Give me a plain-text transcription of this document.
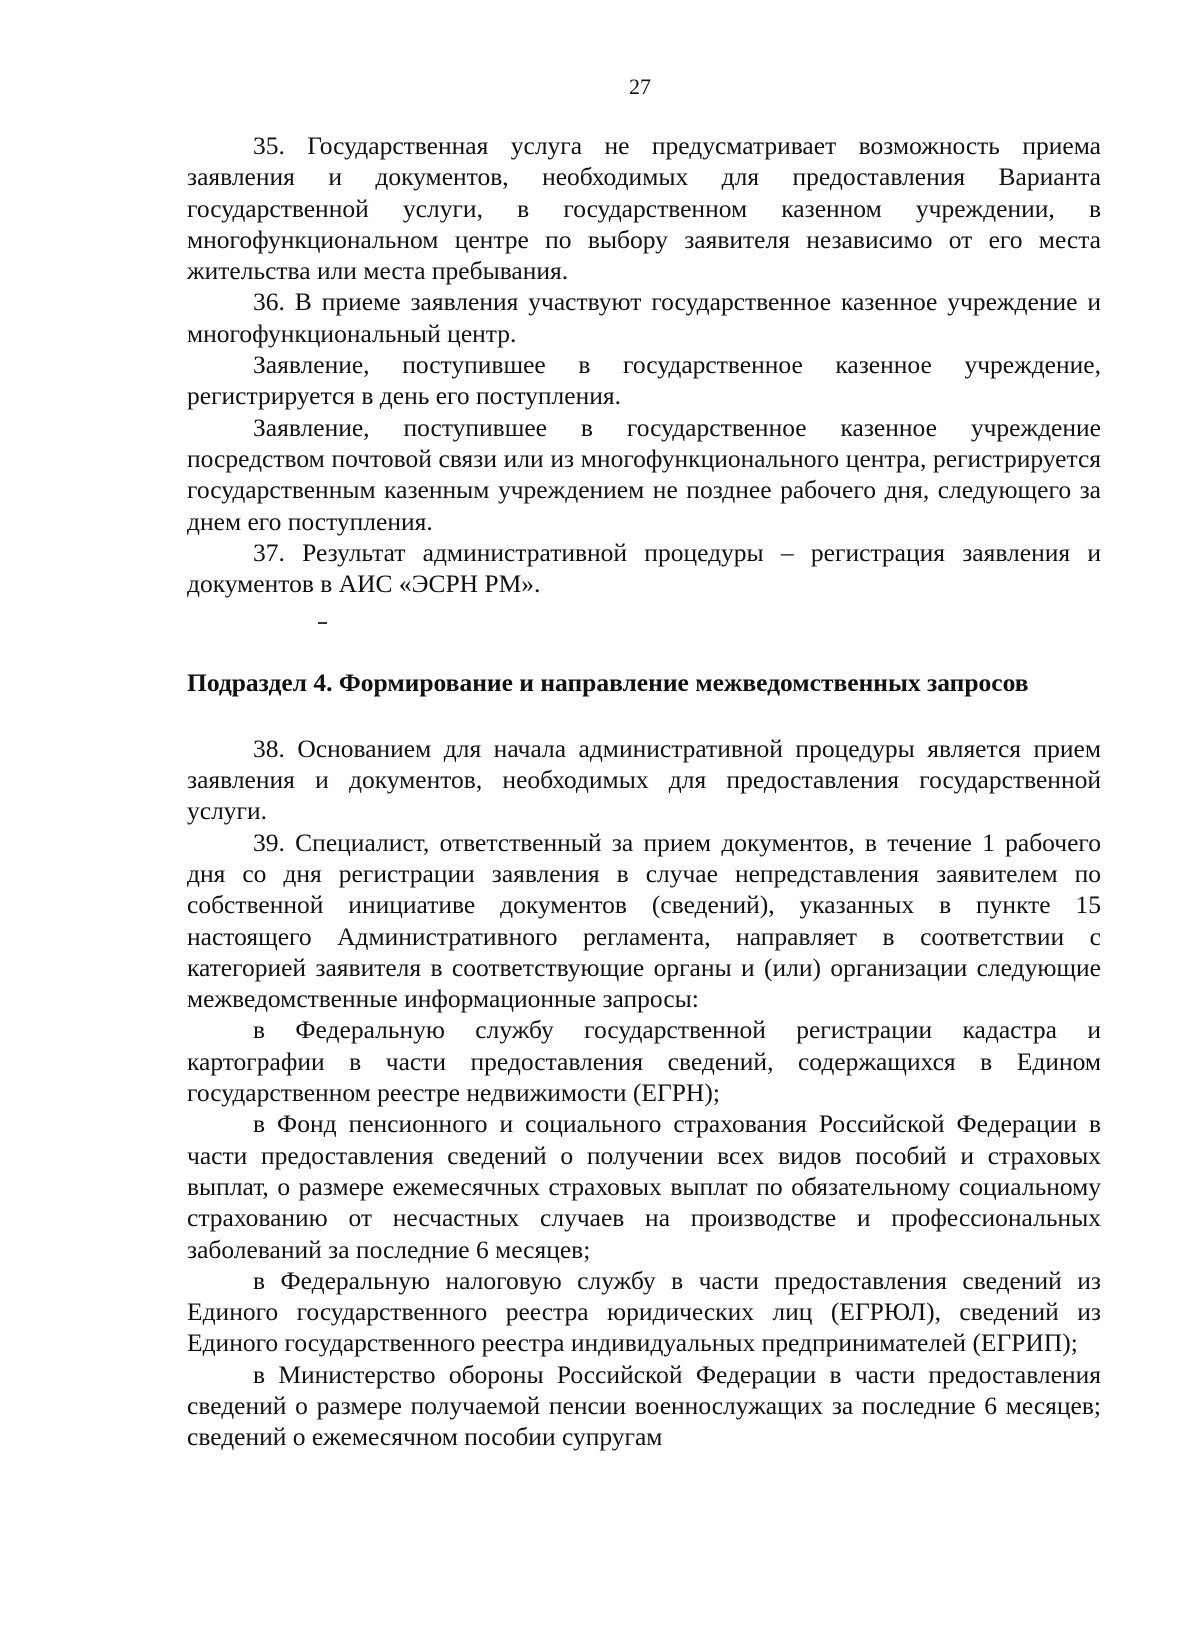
27

35. Государственная услуга не предусматривает возможность приема заявления и документов, необходимых для предоставления Варианта государственной услуги, в государственном казенном учреждении, в многофункциональном центре по выбору заявителя независимо от его места жительства или места пребывания.

36. В приеме заявления участвуют государственное казенное учреждение и многофункциональный центр.

Заявление, поступившее в государственное казенное учреждение, регистрируется в день его поступления.

Заявление, поступившее в государственное казенное учреждение посредством почтовой связи или из многофункционального центра, регистрируется государственным казенным учреждением не позднее рабочего дня, следующего за днем его поступления.

37. Результат административной процедуры – регистрация заявления и документов в АИС «ЭСРН РМ».

Подраздел 4. Формирование и направление межведомственных запросов

38. Основанием для начала административной процедуры является прием заявления и документов, необходимых для предоставления государственной услуги.

39. Специалист, ответственный за прием документов, в течение 1 рабочего дня со дня регистрации заявления в случае непредставления заявителем по собственной инициативе документов (сведений), указанных в пункте 15 настоящего Административного регламента, направляет в соответствии с категорией заявителя в соответствующие органы и (или) организации следующие межведомственные информационные запросы:

в Федеральную службу государственной регистрации кадастра и картографии в части предоставления сведений, содержащихся в Едином государственном реестре недвижимости (ЕГРН);

в Фонд пенсионного и социального страхования Российской Федерации в части предоставления сведений о получении всех видов пособий и страховых выплат, о размере ежемесячных страховых выплат по обязательному социальному страхованию от несчастных случаев на производстве и профессиональных заболеваний за последние 6 месяцев;

в Федеральную налоговую службу в части предоставления сведений из Единого государственного реестра юридических лиц (ЕГРЮЛ), сведений из Единого государственного реестра индивидуальных предпринимателей (ЕГРИП);

в Министерство обороны Российской Федерации в части предоставления сведений о размере получаемой пенсии военнослужащих за последние 6 месяцев; сведений о ежемесячном пособии супругам
